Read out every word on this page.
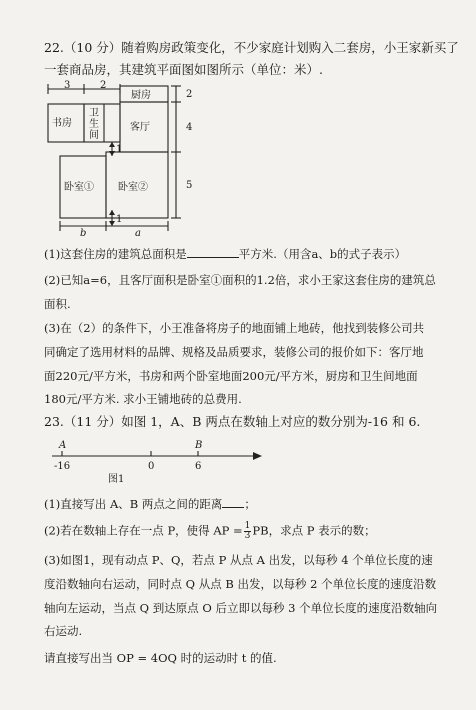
22.（10 分）随着购房政策变化，不少家庭计划购入二套房，小王家新买了
一套商品房，其建筑平面图如图所示（单位：米）.
3	2
2
4
5
1
1
b	a
书房
卫
生
间
客厅
厨房
卧室① 卧室②
(1)这套住房的建筑总面积是	平方米.（用含a、b的式子表示）
(2)已知a=6，且客厅面积是卧室①面积的1.2倍，求小王家这套住房的建筑总
面积.
(3)在（2）的条件下，小王准备将房子的地面铺上地砖，他找到装修公司共
同确定了选用材料的品牌、规格及品质要求，装修公司的报价如下：客厅地
面220元/平方米，书房和两个卧室地面200元/平方米，厨房和卫生间地面
180元/平方米. 求小王铺地砖的总费用.
23.（11 分）如图 1，A、B 两点在数轴上对应的数分别为-16 和 6.
A	B
-16	0	6
图1
(1)直接写出 A、B 两点之间的距离 ；
(2)若在数轴上存在一点 P，使得 AP = $\frac{1}{3}$ PB，求点 P 表示的数；
(3)如图1，现有动点 P、Q，若点 P 从点 A 出发，以每秒 4 个单位长度的速
度沿数轴向右运动，同时点 Q 从点 B 出发，以每秒 2 个单位长度的速度沿数
轴向左运动，当点 Q 到达原点 O 后立即以每秒 3 个单位长度的速度沿数轴向
右运动.
请直接写出当 OP = 4OQ 时的运动时 t 的值.
